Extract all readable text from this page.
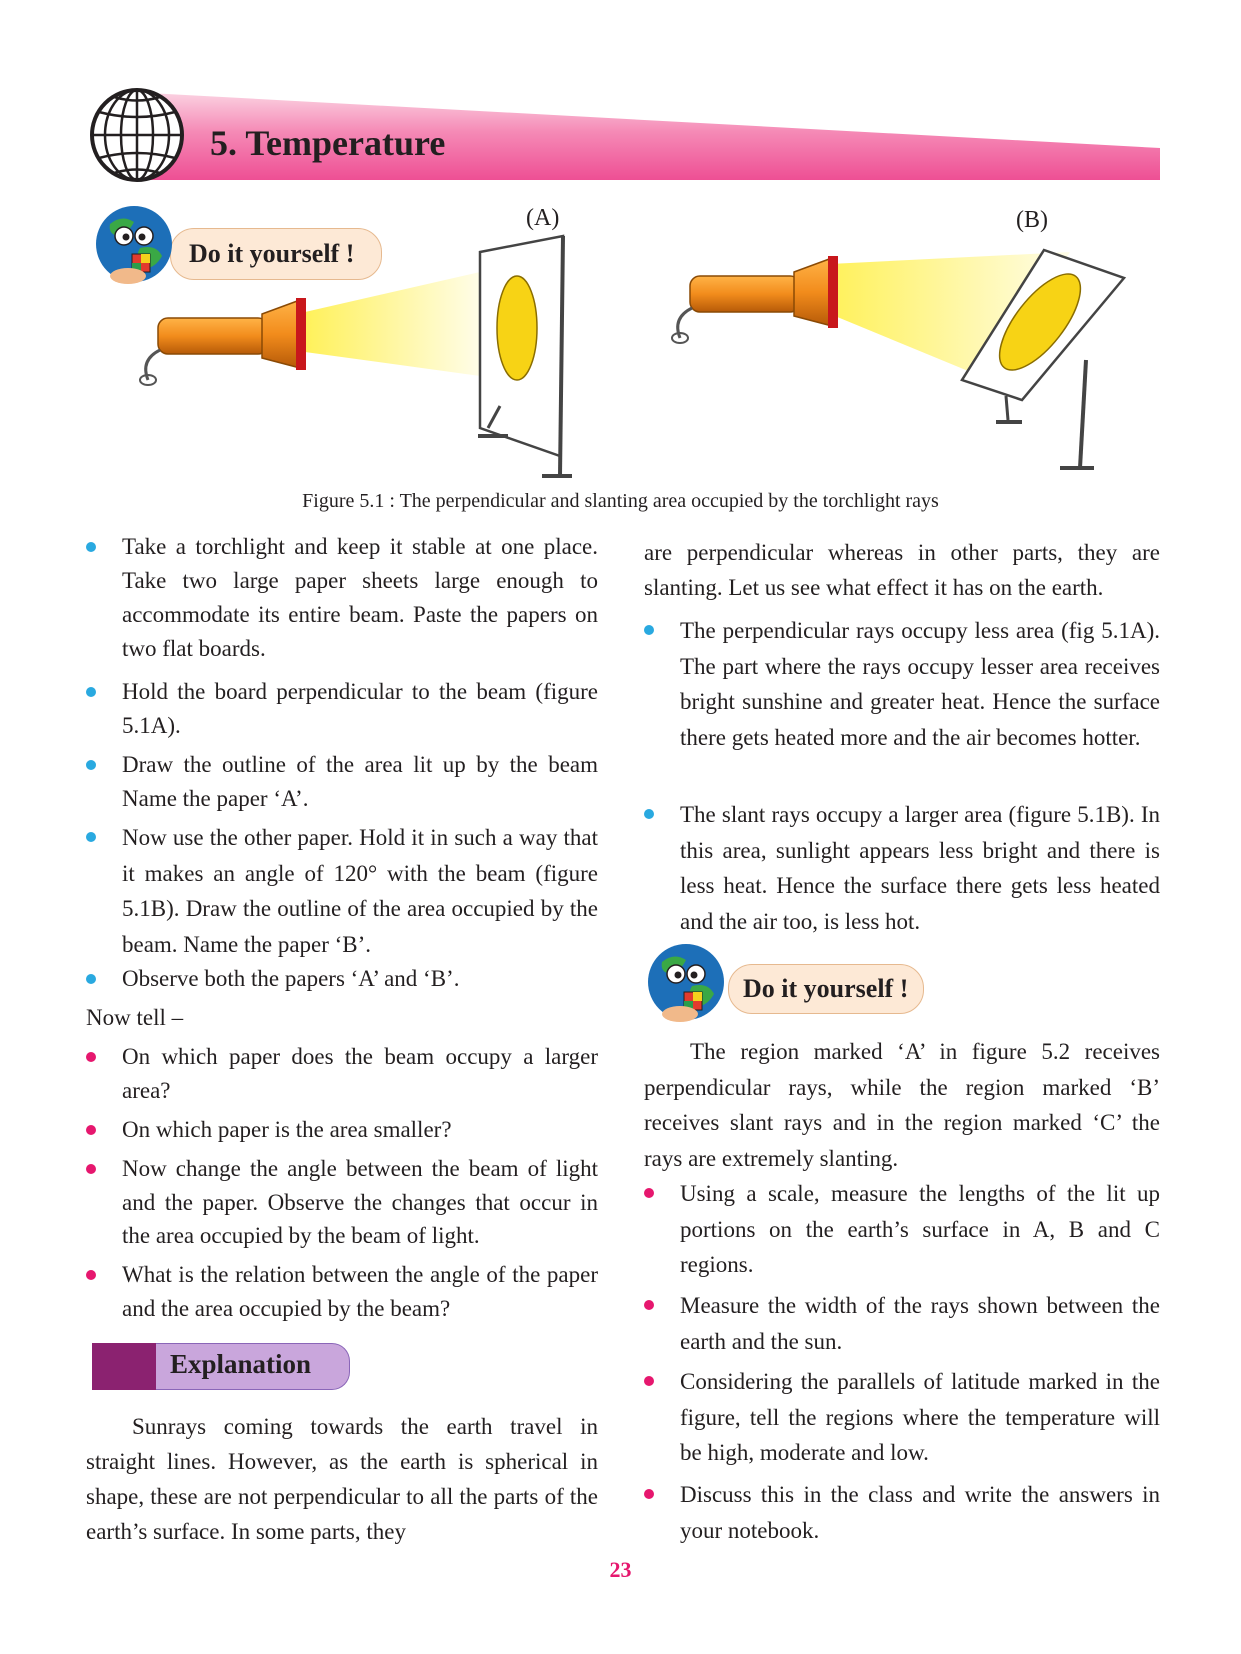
5. Temperature
Do it yourself !
(A)	(B)
Figure 5.1 : The perpendicular and slanting area occupied by the torchlight rays
Take a torchlight and keep it stable at one place. Take two large paper sheets large enough to accommodate its entire beam. Paste the papers on two flat boards.
Hold the board perpendicular to the beam (figure 5.1A).
Draw the outline of the area lit up by the beam Name the paper ‘A’.
Now use the other paper. Hold it in such a way that it makes an angle of 120° with the beam (figure 5.1B). Draw the outline of the area occupied by the beam. Name the paper ‘B’.
Observe both the papers ‘A’ and ‘B’.
Now tell –
On which paper does the beam occupy a larger area?
On which paper is the area smaller?
Now change the angle between the beam of light and the paper. Observe the changes that occur in the area occupied by the beam of light.
What is the relation between the angle of the paper and the area occupied by the beam?
Explanation
Sunrays coming towards the earth travel in straight lines. However, as the earth is spherical in shape, these are not perpendicular to all the parts of the earth’s surface. In some parts, they
are perpendicular whereas in other parts, they are slanting. Let us see what effect it has on the earth.
The perpendicular rays occupy less area (fig 5.1A). The part where the rays occupy lesser area receives bright sunshine and greater heat. Hence the surface there gets heated more and the air becomes hotter.
The slant rays occupy a larger area (figure 5.1B). In this area, sunlight appears less bright and there is less heat. Hence the surface there gets less heated and the air too, is less hot.
Do it yourself !
The region marked ‘A’ in figure 5.2 receives perpendicular rays, while the region marked ‘B’ receives slant rays and in the region marked ‘C’ the rays are extremely slanting.
Using a scale, measure the lengths of the lit up portions on the earth’s surface in A, B and C regions.
Measure the width of the rays shown between the earth and the sun.
Considering the parallels of latitude marked in the figure, tell the regions where the temperature will be high, moderate and low.
Discuss this in the class and write the answers in your notebook.
23
